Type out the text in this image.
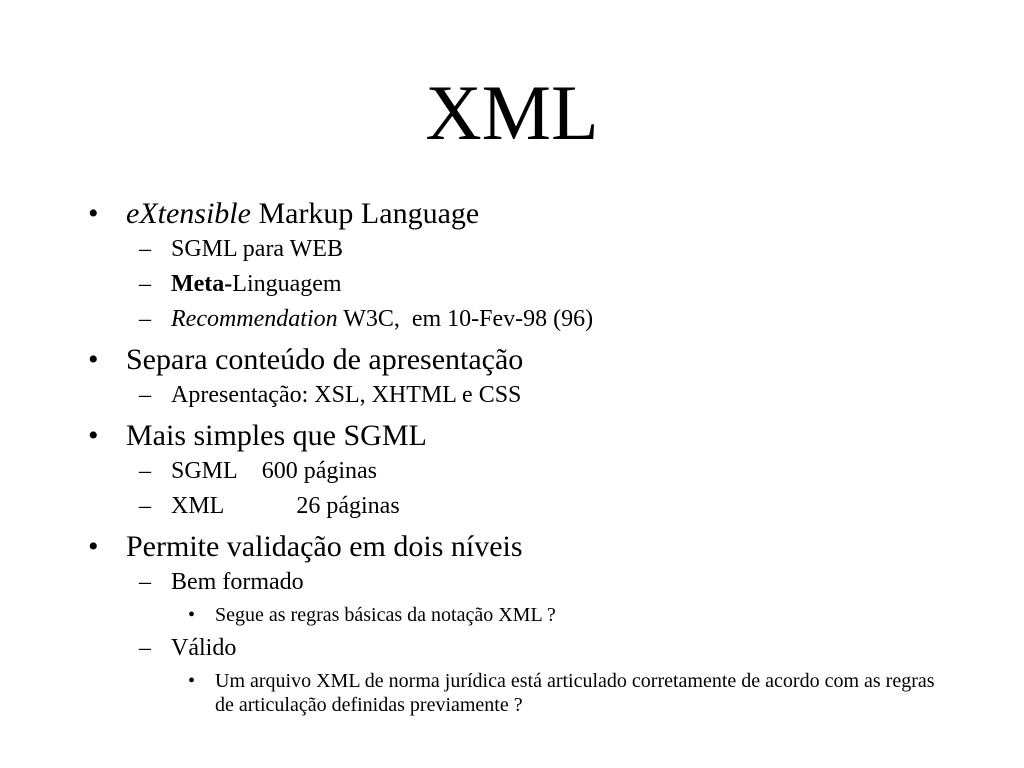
XML
• eXtensible Markup Language
– SGML para WEB
– Meta-Linguagem
– Recommendation W3C,  em 10-Fev-98 (96)
• Separa conteúdo de apresentação
– Apresentação: XSL, XHTML e CSS
• Mais simples que SGML
– SGML 600 páginas
– XML	26 páginas
• Permite validação em dois níveis
– Bem formado
• Segue as regras básicas da notação XML ?
– Válido
• Um arquivo XML de norma jurídica está articulado corretamente de acordo com as regras de articulação definidas previamente ?
